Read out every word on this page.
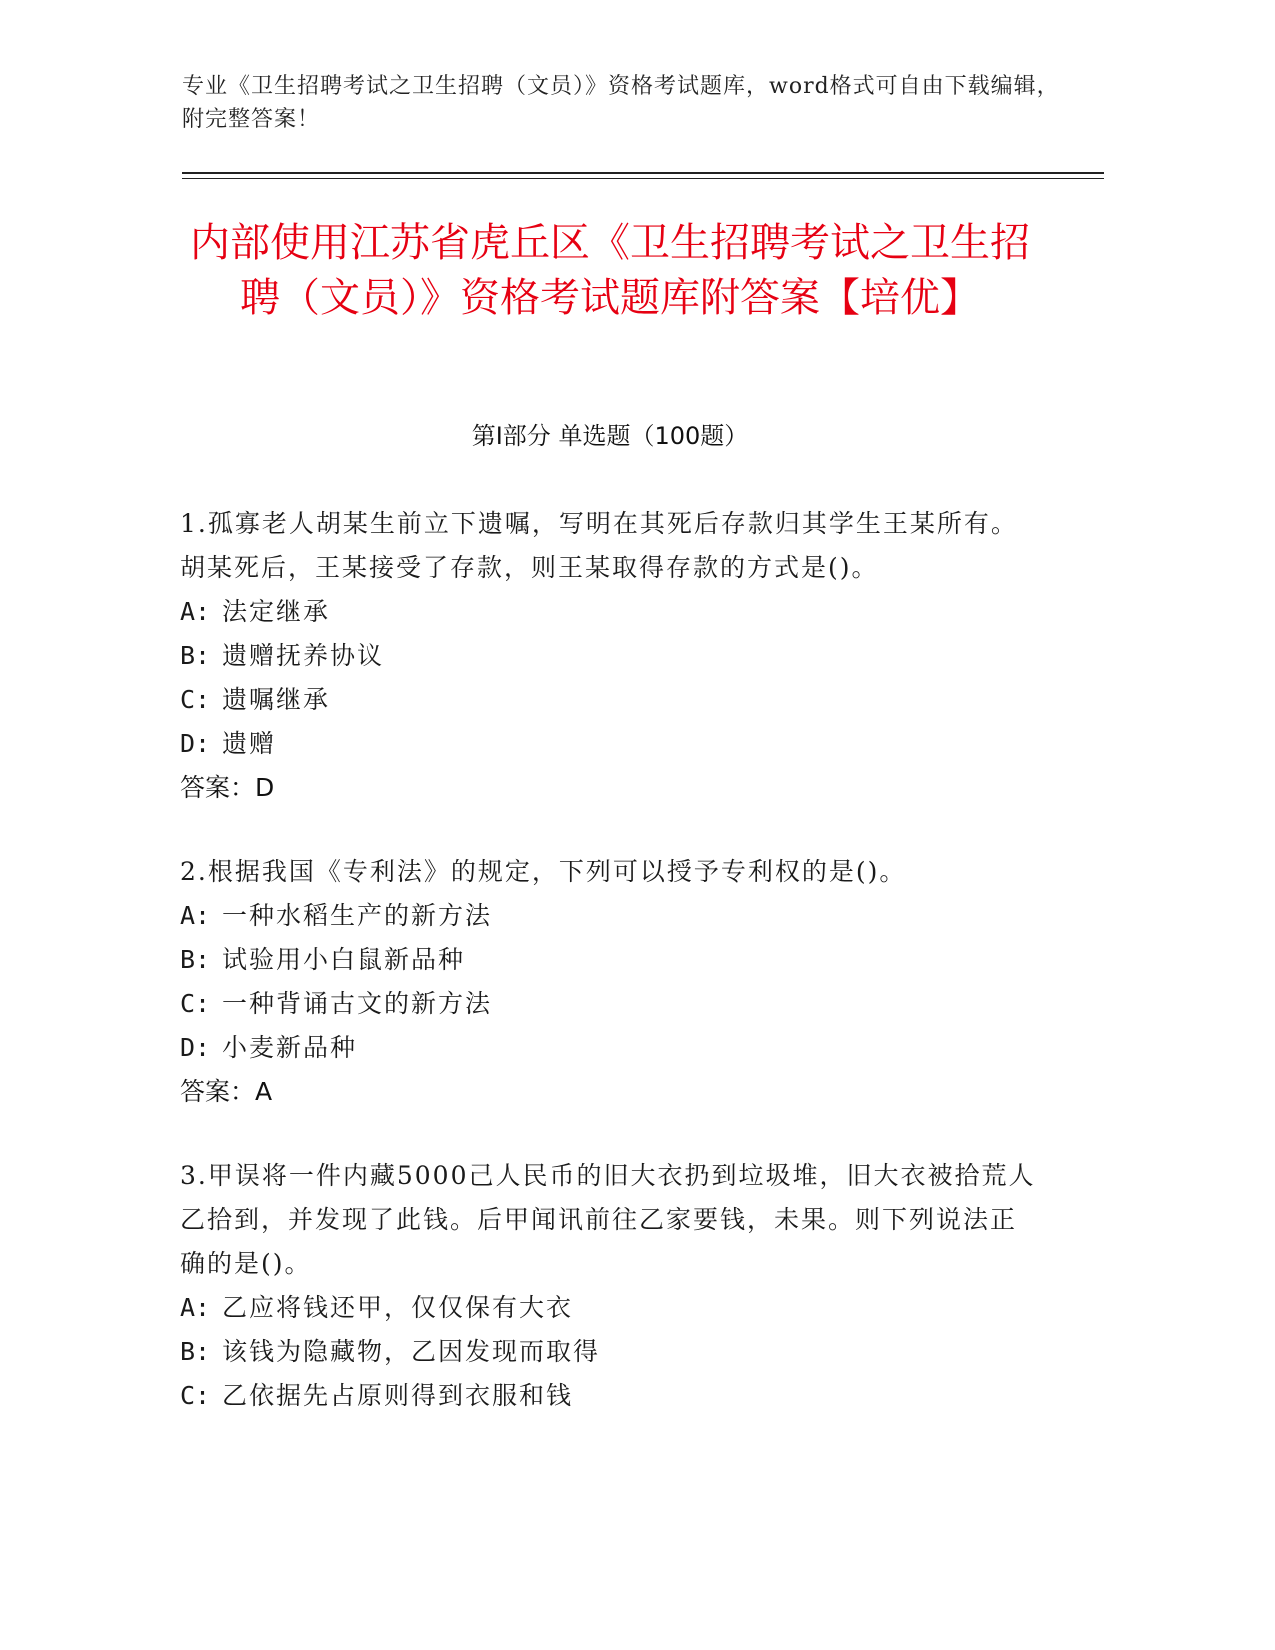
专业《卫生招聘考试之卫生招聘（文员）》资格考试题库，word格式可自由下载编辑，附完整答案！
内部使用江苏省虎丘区《卫生招聘考试之卫生招聘（文员）》资格考试题库附答案【培优】
第Ⅰ部分 单选题（100题）

1.孤寡老人胡某生前立下遗嘱，写明在其死后存款归其学生王某所有。胡某死后，王某接受了存款，则王某取得存款的方式是()。

A: 法定继承
B: 遗赠抚养协议
C: 遗嘱继承
D: 遗赠
答案：D

2.根据我国《专利法》的规定，下列可以授予专利权的是()。

A: 一种水稻生产的新方法
B: 试验用小白鼠新品种
C: 一种背诵古文的新方法
D: 小麦新品种
答案：A

3.甲误将一件内藏5000己人民币的旧大衣扔到垃圾堆，旧大衣被拾荒人乙拾到，并发现了此钱。后甲闻讯前往乙家要钱，未果。则下列说法正确的是()。

A: 乙应将钱还甲，仅仅保有大衣
B: 该钱为隐藏物，乙因发现而取得
C: 乙依据先占原则得到衣服和钱
